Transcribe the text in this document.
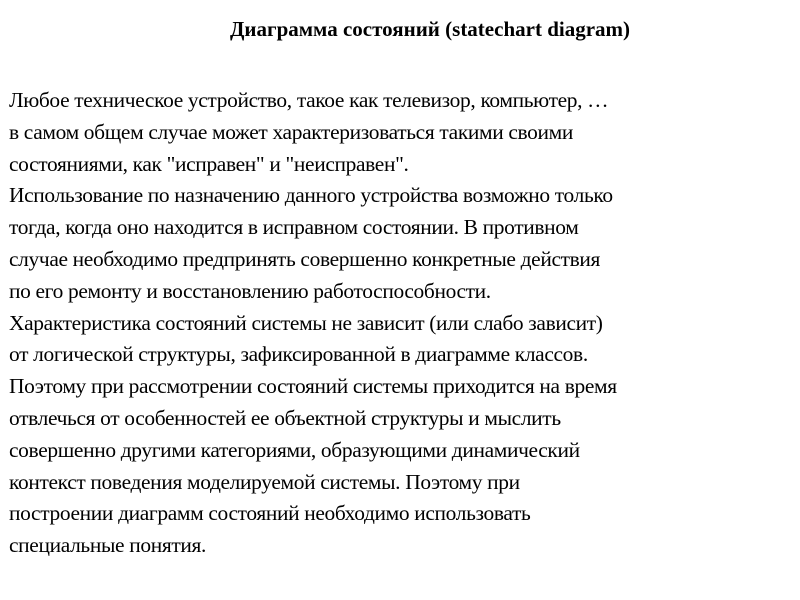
Диаграмма состояний (statechart diagram)
Любое техническое устройство, такое как телевизор, компьютер, …
в самом общем случае может характеризоваться такими своими
состояниями, как "исправен" и "неисправен".
Использование по назначению данного устройства возможно только
тогда, когда оно находится в исправном состоянии. В противном
случае необходимо предпринять совершенно конкретные действия
по его ремонту и восстановлению работоспособности.
Характеристика состояний системы не зависит (или слабо зависит)
от логической структуры, зафиксированной в диаграмме классов.
Поэтому при рассмотрении состояний системы приходится на время
отвлечься от особенностей ее объектной структуры и мыслить
совершенно другими категориями, образующими динамический
контекст поведения моделируемой системы. Поэтому при
построении диаграмм состояний необходимо использовать
специальные понятия.
